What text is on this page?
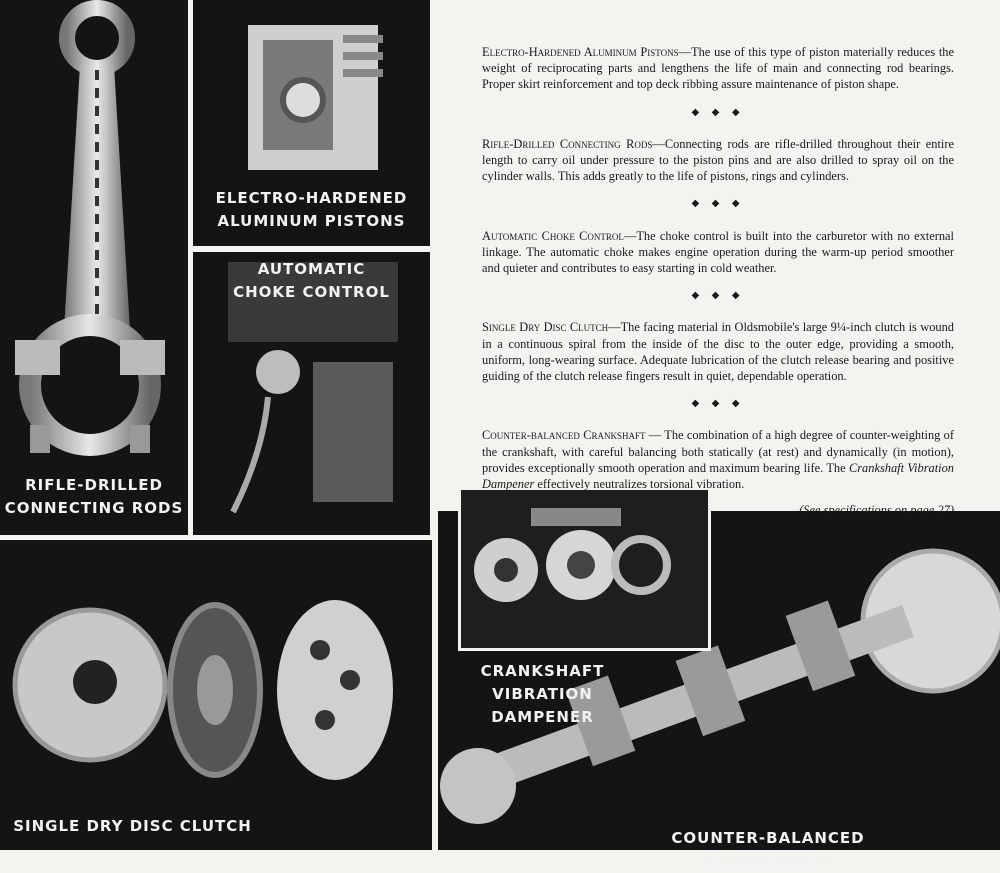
RIFLE-DRILLED
CONNECTING RODS
ELECTRO-HARDENED
ALUMINUM PISTONS
AUTOMATIC
CHOKE CONTROL
SINGLE DRY DISC CLUTCH
COUNTER-BALANCED CRANKSHAFT
CRANKSHAFT VIBRATION
DAMPENER

Electro-Hardened Aluminum Pistons—The use of this type of piston materially reduces the weight of reciprocating parts and lengthens the life of main and connecting rod bearings. Proper skirt reinforcement and top deck ribbing assure maintenance of piston shape.

◆ ◆ ◆

Rifle-Drilled Connecting Rods—Connecting rods are rifle-drilled throughout their entire length to carry oil under pressure to the piston pins and are also drilled to spray oil on the cylinder walls. This adds greatly to the life of pistons, rings and cylinders.

◆ ◆ ◆

Automatic Choke Control—The choke control is built into the carburetor with no external linkage. The automatic choke makes engine operation during the warm-up period smoother and quieter and contributes to easy starting in cold weather.

◆ ◆ ◆

Single Dry Disc Clutch—The facing material in Oldsmobile's large 9¼-inch clutch is wound in a continuous spiral from the inside of the disc to the outer edge, providing a smooth, uniform, long-wearing surface. Adequate lubrication of the clutch release bearing and positive guiding of the clutch release fingers result in quiet, dependable operation.

◆ ◆ ◆

Counter-balanced Crankshaft — The combination of a high degree of counter-weighting of the crankshaft, with careful balancing both statically (at rest) and dynamically (in motion), provides exceptionally smooth operation and maximum bearing life. The Crankshaft Vibration Dampener effectively neutralizes torsional vibration.

(See specifications on page 27)
